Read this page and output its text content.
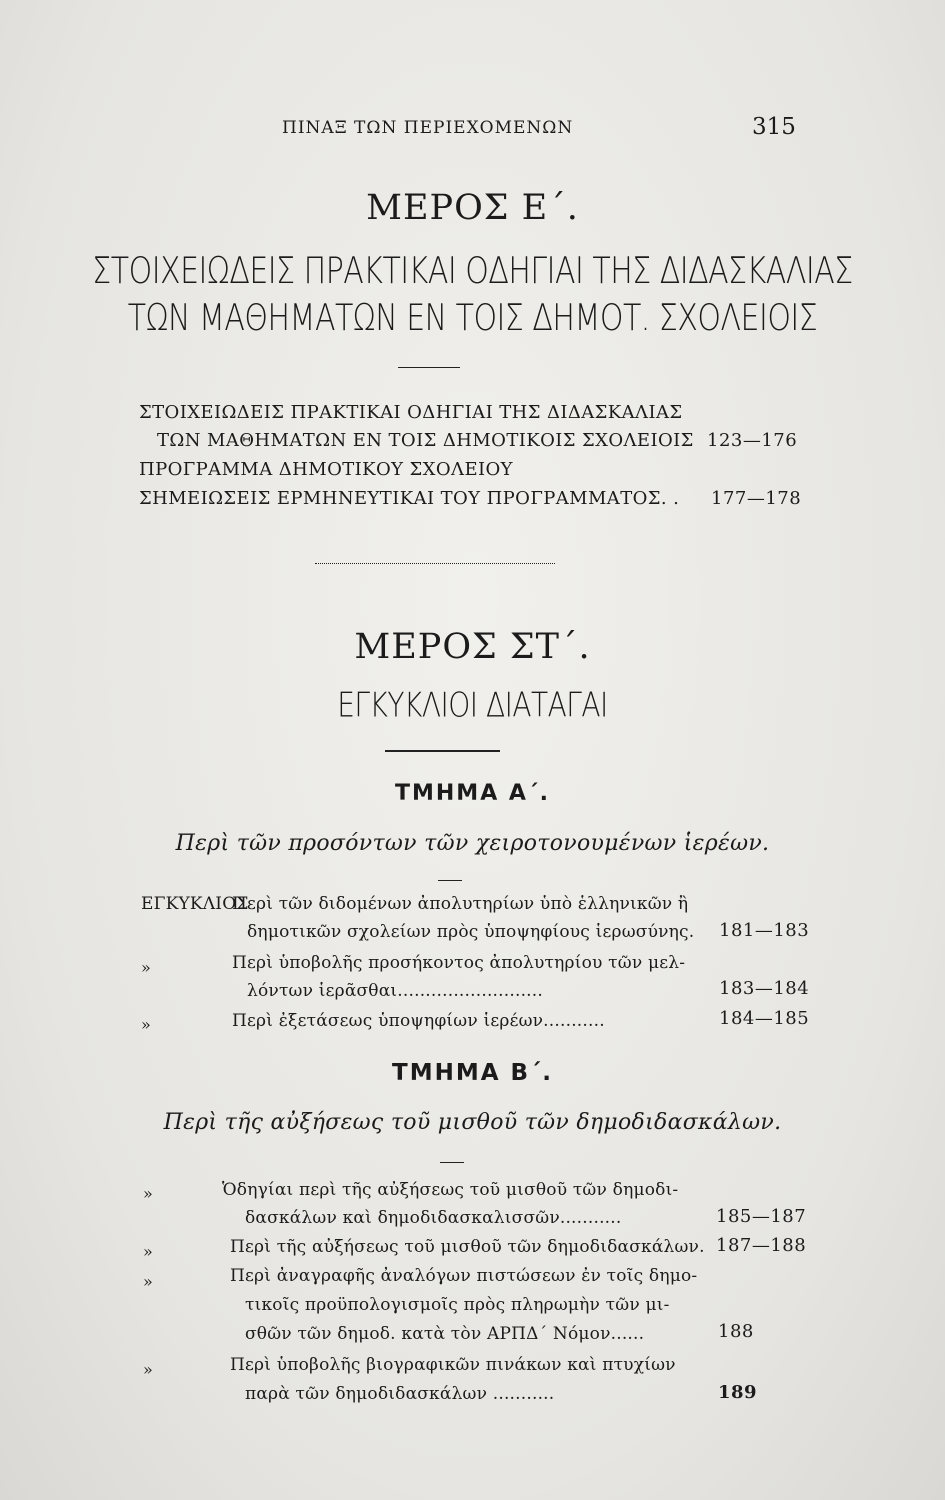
ΠΙΝΑΞ ΤΩΝ ΠΕΡΙΕΧΟΜΕΝΩΝ	315
ΜΕΡΟΣ Ε΄.
ΣΤΟΙΧΕΙΩΔΕΙΣ ΠΡΑΚΤΙΚΑΙ ΟΔΗΓΙΑΙ ΤΗΣ ΔΙΔΑΣΚΑΛΙΑΣ
ΤΩΝ ΜΑΘΗΜΑΤΩΝ ΕΝ ΤΟΙΣ ΔΗΜΟΤ. ΣΧΟΛΕΙΟΙΣ
ΣΤΟΙΧΕΙΩΔΕΙΣ ΠΡΑΚΤΙΚΑΙ ΟΔΗΓΙΑΙ ΤΗΣ ΔΙΔΑΣΚΑΛΙΑΣ
ΤΩΝ ΜΑΘΗΜΑΤΩΝ ΕΝ ΤΟΙΣ ΔΗΜΟΤΙΚΟΙΣ ΣΧΟΛΕΙΟΙΣ 123—176
ΠΡΟΓΡΑΜΜΑ ΔΗΜΟΤΙΚΟΥ ΣΧΟΛΕΙΟΥ
ΣΗΜΕΙΩΣΕΙΣ ΕΡΜΗΝΕΥΤΙΚΑΙ ΤΟΥ ΠΡΟΓΡΑΜΜΑΤΟΣ. . 177—178
ΜΕΡΟΣ ΣΤ΄.
ΕΓΚΥΚΛΙΟΙ ΔΙΑΤΑΓΑΙ
ΤΜΗΜΑ Α΄.
Περὶ τῶν προσόντων τῶν χειροτονουμένων ἱερέων.
ΕΓΚΥΚΛΙΟΣ
Περὶ τῶν διδομένων ἀπολυτηρίων ὑπὸ ἑλληνικῶν ἢ
δημοτικῶν σχολείων πρὸς ὑποψηφίους ἱερωσύνης. 181—183
»	Περὶ ὑποβολῆς προσήκοντος ἀπολυτηρίου τῶν μελ-
λόντων ἱερᾶσθαι..........................	183—184
»	Περὶ ἐξετάσεως ὑποψηφίων ἱερέων...........	184—185
ΤΜΗΜΑ Β΄.
Περὶ τῆς αὐξήσεως τοῦ μισθοῦ τῶν δημοδιδασκάλων.
»	Ὁδηγίαι περὶ τῆς αὐξήσεως τοῦ μισθοῦ τῶν δημοδι-
δασκάλων καὶ δημοδιδασκαλισσῶν...........	185—187
»	Περὶ τῆς αὐξήσεως τοῦ μισθοῦ τῶν δημοδιδασκάλων. 187—188
»	Περὶ ἀναγραφῆς ἀναλόγων πιστώσεων ἐν τοῖς δημο-
τικοῖς προϋπολογισμοῖς πρὸς πληρωμὴν τῶν μι-
σθῶν τῶν δημοδ. κατὰ τὸν ΑΡΠΔ΄ Νόμον......	188
»	Περὶ ὑποβολῆς βιογραφικῶν πινάκων καὶ πτυχίων
παρὰ τῶν δημοδιδασκάλων ...........	189
